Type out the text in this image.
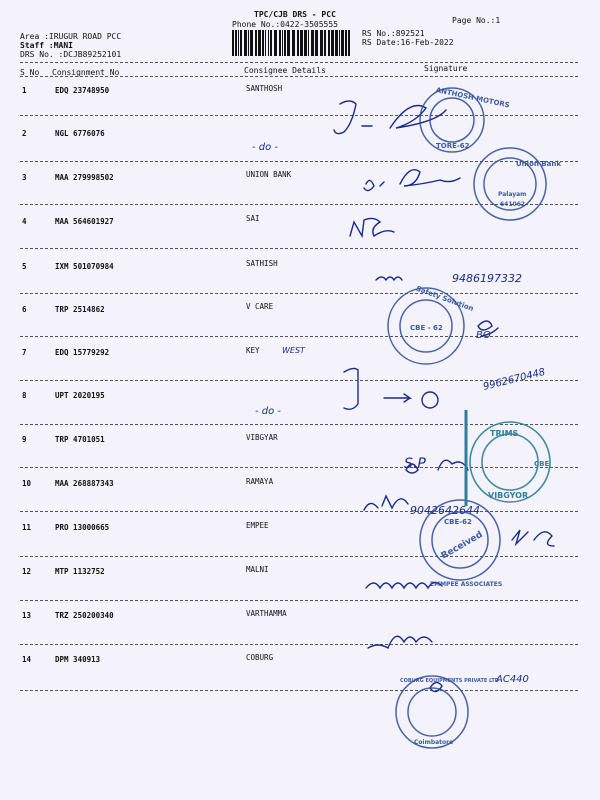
TPC/CJB DRS - PCC
Phone No.:0422-3505555	Page No.:1
Area :IRUGUR ROAD PCC
Staff :MANI
DRS No. :DCJB89252101
RS No.:892521
RS Date:16-Feb-2022
S No Consignment No	Consignee Details	Signature
1	EDQ 23748950	SANTHOSH
2	NGL 6776076
3	MAA 279998502	UNION BANK
4	MAA 564601927	SAI
5	IXM 501070984	SATHISH
6	TRP 2514862	V CARE
7	EDQ 15779292	KEY
8	UPT 2020195
9	TRP 4701051	VIBGYAR
10	MAA 268887343	RAMAYA
11	PRO 13000665	EMPEE
12	MTP 1132752	MALNI
13	TRZ 250200340	VARTHAMMA
14	DPM 340913	COBURG
- do -
WEST
- do -
9486197332
9962670448
9042642644
AC440
BO
S.P
ANTHOSH MOTORS
TORE-62
Union Bank
Palayam
641062
Safety Solution
CBE - 62
CBE-62
Received
EMMPEE ASSOCIATES
COBURG EQUIPMENTS PRIVATE LTD
Coimbatore
TRIMS
CBE
VIBGYOR
